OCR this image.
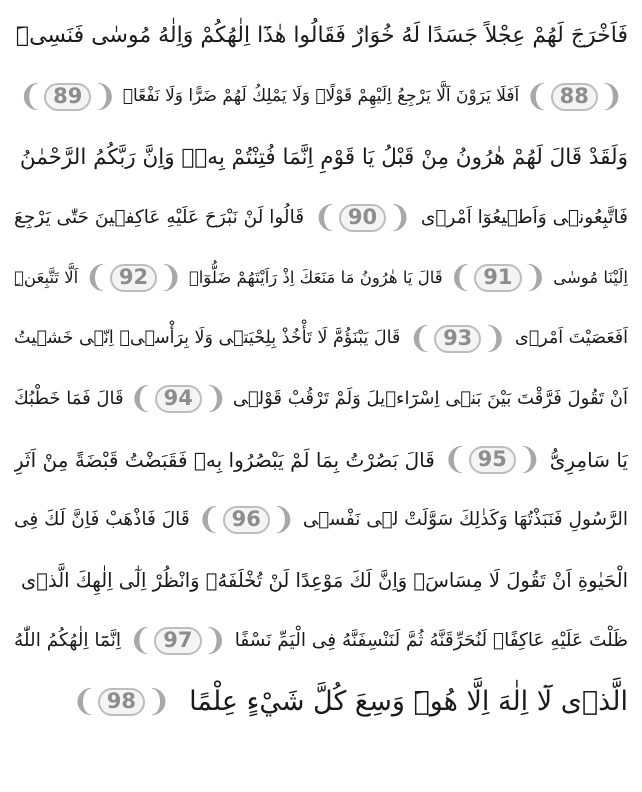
فَاَخْرَجَ لَهُمْ عِجْلاً جَسَدًا لَهُ خُوَارٌ فَقَالُوا هٰذَٓا اِلٰهُكُمْ وَاِلٰهُ مُوسٰى فَنَسِىَۜ
❨ 88 ❩
اَفَلَا يَرَوْنَ اَلَّا يَرْجِعُ اِلَيْهِمْ قَوْلًاۙ وَلَا يَمْلِكُ لَهُمْ ضَرًّا وَلَا نَفْعًا۟
❨ 89 ❩
وَلَقَدْ قَالَ لَهُمْ هٰرُونُ مِنْ قَبْلُ يَا قَوْمِ اِنَّمَا فُتِنْتُمْ بِه۪ۚ وَاِنَّ رَبَّكُمُ الرَّحْمٰنُ
فَاتَّبِعُونٖى وَاَطٖيعُوٓا اَمْرٖى
❨ 90 ❩
قَالُوا لَنْ نَبْرَحَ عَلَيْهِ عَاكِفٖينَ حَتّٰى يَرْجِعَ
اِلَيْنَا مُوسٰى
❨ 91 ❩
قَالَ يَا هٰرُونُ مَا مَنَعَكَ اِذْ رَاَيْتَهُمْ ضَلُّوٓاۙ
❨ 92 ❩
اَلَّا تَتَّبِعَنِۜ
اَفَعَصَيْتَ اَمْرٖى
❨ 93 ❩
قَالَ يَبْنَؤُمَّ لَا تَأْخُذْ بِلِحْيَتٖى وَلَا بِرَأْسٖىۚ اِنّٖى خَشٖيتُ
اَنْ تَقُولَ فَرَّقْتَ بَيْنَ بَنٖى اِسْرَٓاءٖيلَ وَلَمْ تَرْقُبْ قَوْلٖى
❨ 94 ❩
قَالَ فَمَا خَطْبُكَ
يَا سَامِرِىُّ
❨ 95 ❩
قَالَ بَصُرْتُ بِمَا لَمْ يَبْصُرُوا بِه۪ فَقَبَضْتُ قَبْضَةً مِنْ اَثَرِ
الرَّسُولِ فَنَبَذْتُهَا وَكَذٰلِكَ سَوَّلَتْ لٖى نَفْسٖى
❨ 96 ❩
قَالَ فَاذْهَبْ فَاِنَّ لَكَ فِى
الْحَيٰوةِ اَنْ تَقُولَ لَا مِسَاسَۖ وَاِنَّ لَكَ مَوْعِدًا لَنْ تُخْلَفَهُۚ وَانْظُرْ اِلٰٓى اِلٰهِكَ الَّذٖى
ظَلْتَ عَلَيْهِ عَاكِفًاۜ لَنُحَرِّقَنَّهُ ثُمَّ لَنَنْسِفَنَّهُ فِى الْيَمِّ نَسْفًا
❨ 97 ❩
اِنَّمَٓا اِلٰهُكُمُ اللّٰهُ
الَّذٖى لَٓا اِلٰهَ اِلَّا هُوَۜ وَسِعَ كُلَّ شَيْءٍ عِلْمًا
❨ 98 ❩
